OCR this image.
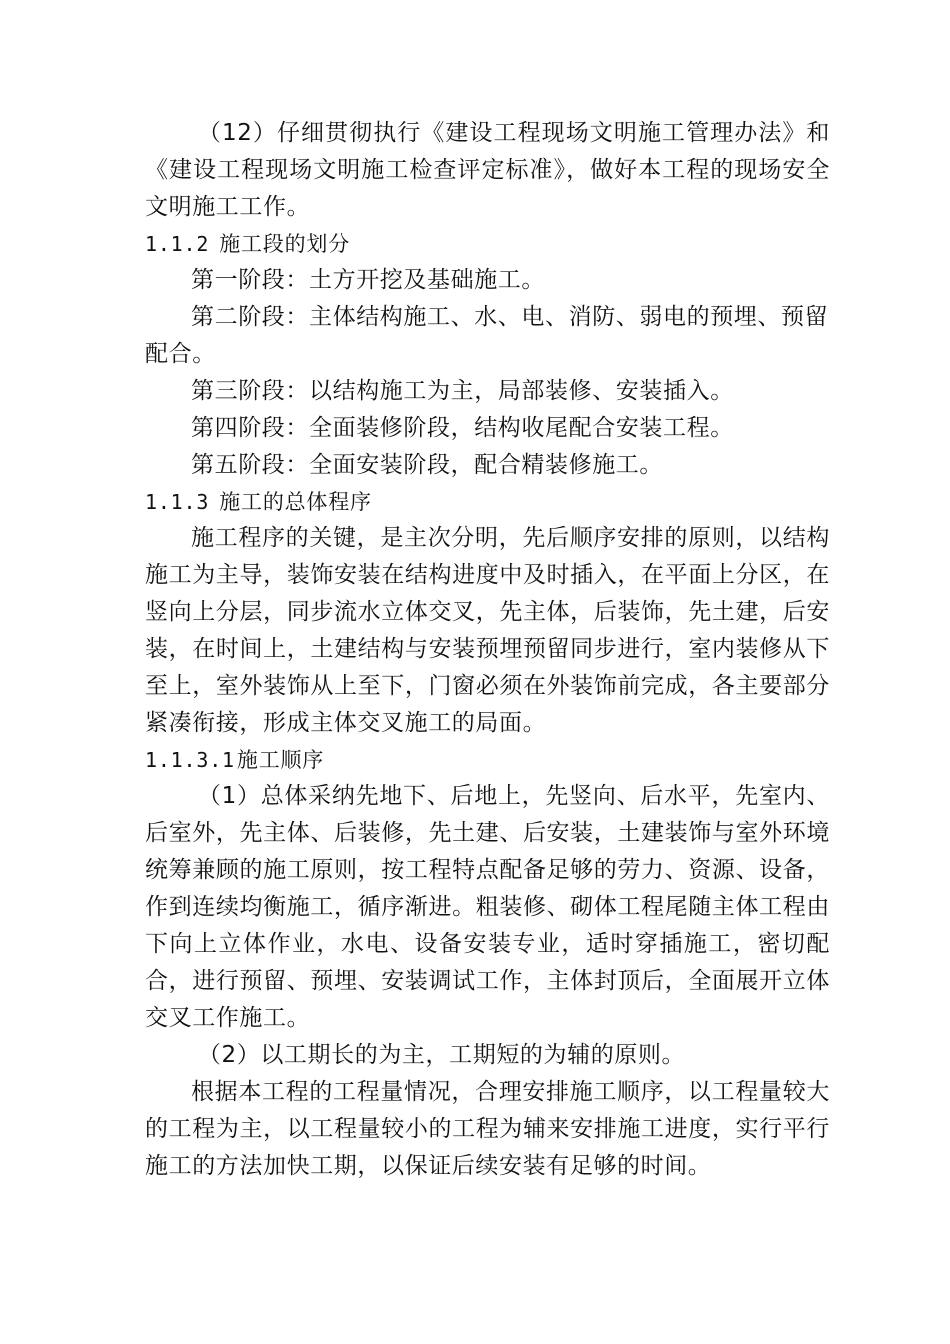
（12）仔细贯彻执行《建设工程现场文明施工管理办法》和《建设工程现场文明施工检查评定标准》，做好本工程的现场安全文明施工工作。

1.1.2 施工段的划分

第一阶段：土方开挖及基础施工。

第二阶段：主体结构施工、水、电、消防、弱电的预埋、预留配合。

第三阶段：以结构施工为主，局部装修、安装插入。

第四阶段：全面装修阶段，结构收尾配合安装工程。

第五阶段：全面安装阶段，配合精装修施工。

1.1.3 施工的总体程序

施工程序的关键，是主次分明，先后顺序安排的原则，以结构施工为主导，装饰安装在结构进度中及时插入，在平面上分区，在竖向上分层，同步流水立体交叉，先主体，后装饰，先土建，后安装，在时间上，土建结构与安装预埋预留同步进行，室内装修从下至上，室外装饰从上至下，门窗必须在外装饰前完成，各主要部分紧凑衔接，形成主体交叉施工的局面。

1.1.3.1施工顺序

（1）总体采纳先地下、后地上，先竖向、后水平，先室内、后室外，先主体、后装修，先土建、后安装，土建装饰与室外环境统筹兼顾的施工原则，按工程特点配备足够的劳力、资源、设备，作到连续均衡施工，循序渐进。粗装修、砌体工程尾随主体工程由下向上立体作业，水电、设备安装专业，适时穿插施工，密切配合，进行预留、预埋、安装调试工作，主体封顶后，全面展开立体交叉工作施工。

（2）以工期长的为主，工期短的为辅的原则。

根据本工程的工程量情况，合理安排施工顺序，以工程量较大的工程为主，以工程量较小的工程为辅来安排施工进度，实行平行施工的方法加快工期，以保证后续安装有足够的时间。
